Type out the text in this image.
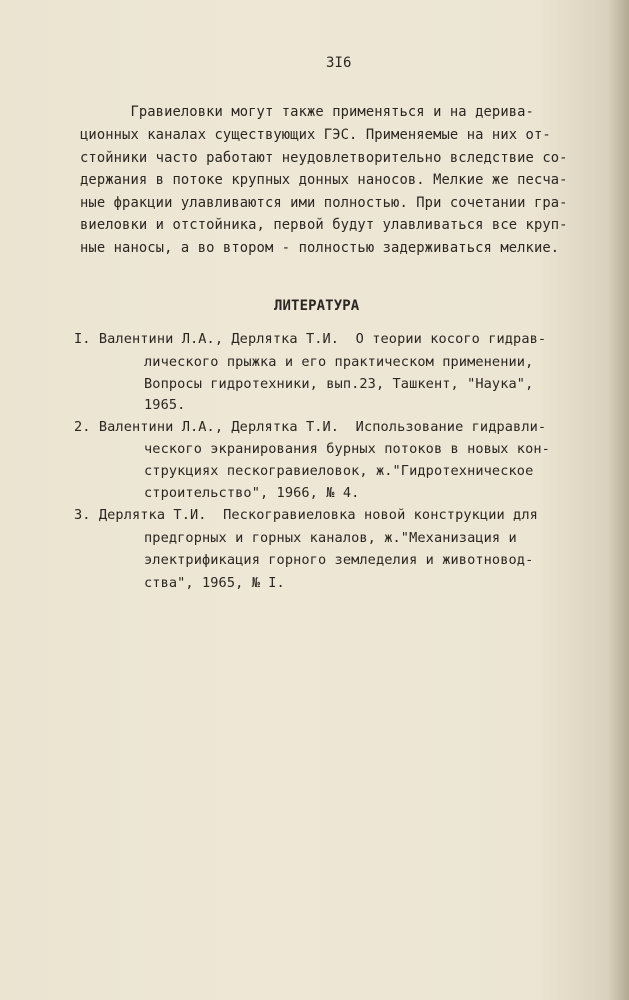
3I6
Гравиеловки могут также применяться и на дерива-
ционных каналах существующих ГЭС. Применяемые на них от-
стойники часто работают неудовлетворительно вследствие со-
держания в потоке крупных донных наносов. Мелкие же песча-
ные фракции улавливаются ими полностью. При сочетании гра-
виеловки и отстойника, первой будут улавливаться все круп-
ные наносы, а во втором - полностью задерживаться мелкие.
ЛИТЕРАТУРА
I. Валентини Л.А., Дерлятка Т.И.  О теории косого гидрав-
лического прыжка и его практическом применении,
Вопросы гидротехники, вып.23, Ташкент, "Наука",
1965.
2. Валентини Л.А., Дерлятка Т.И.  Использование гидравли-
ческого экранирования бурных потоков в новых кон-
струкциях пескогравиеловок, ж."Гидротехническое
строительство", 1966, № 4.
3. Дерлятка Т.И.  Пескогравиеловка новой конструкции для
предгорных и горных каналов, ж."Механизация и
электрификация горного земледелия и животновод-
ства", 1965, № I.
